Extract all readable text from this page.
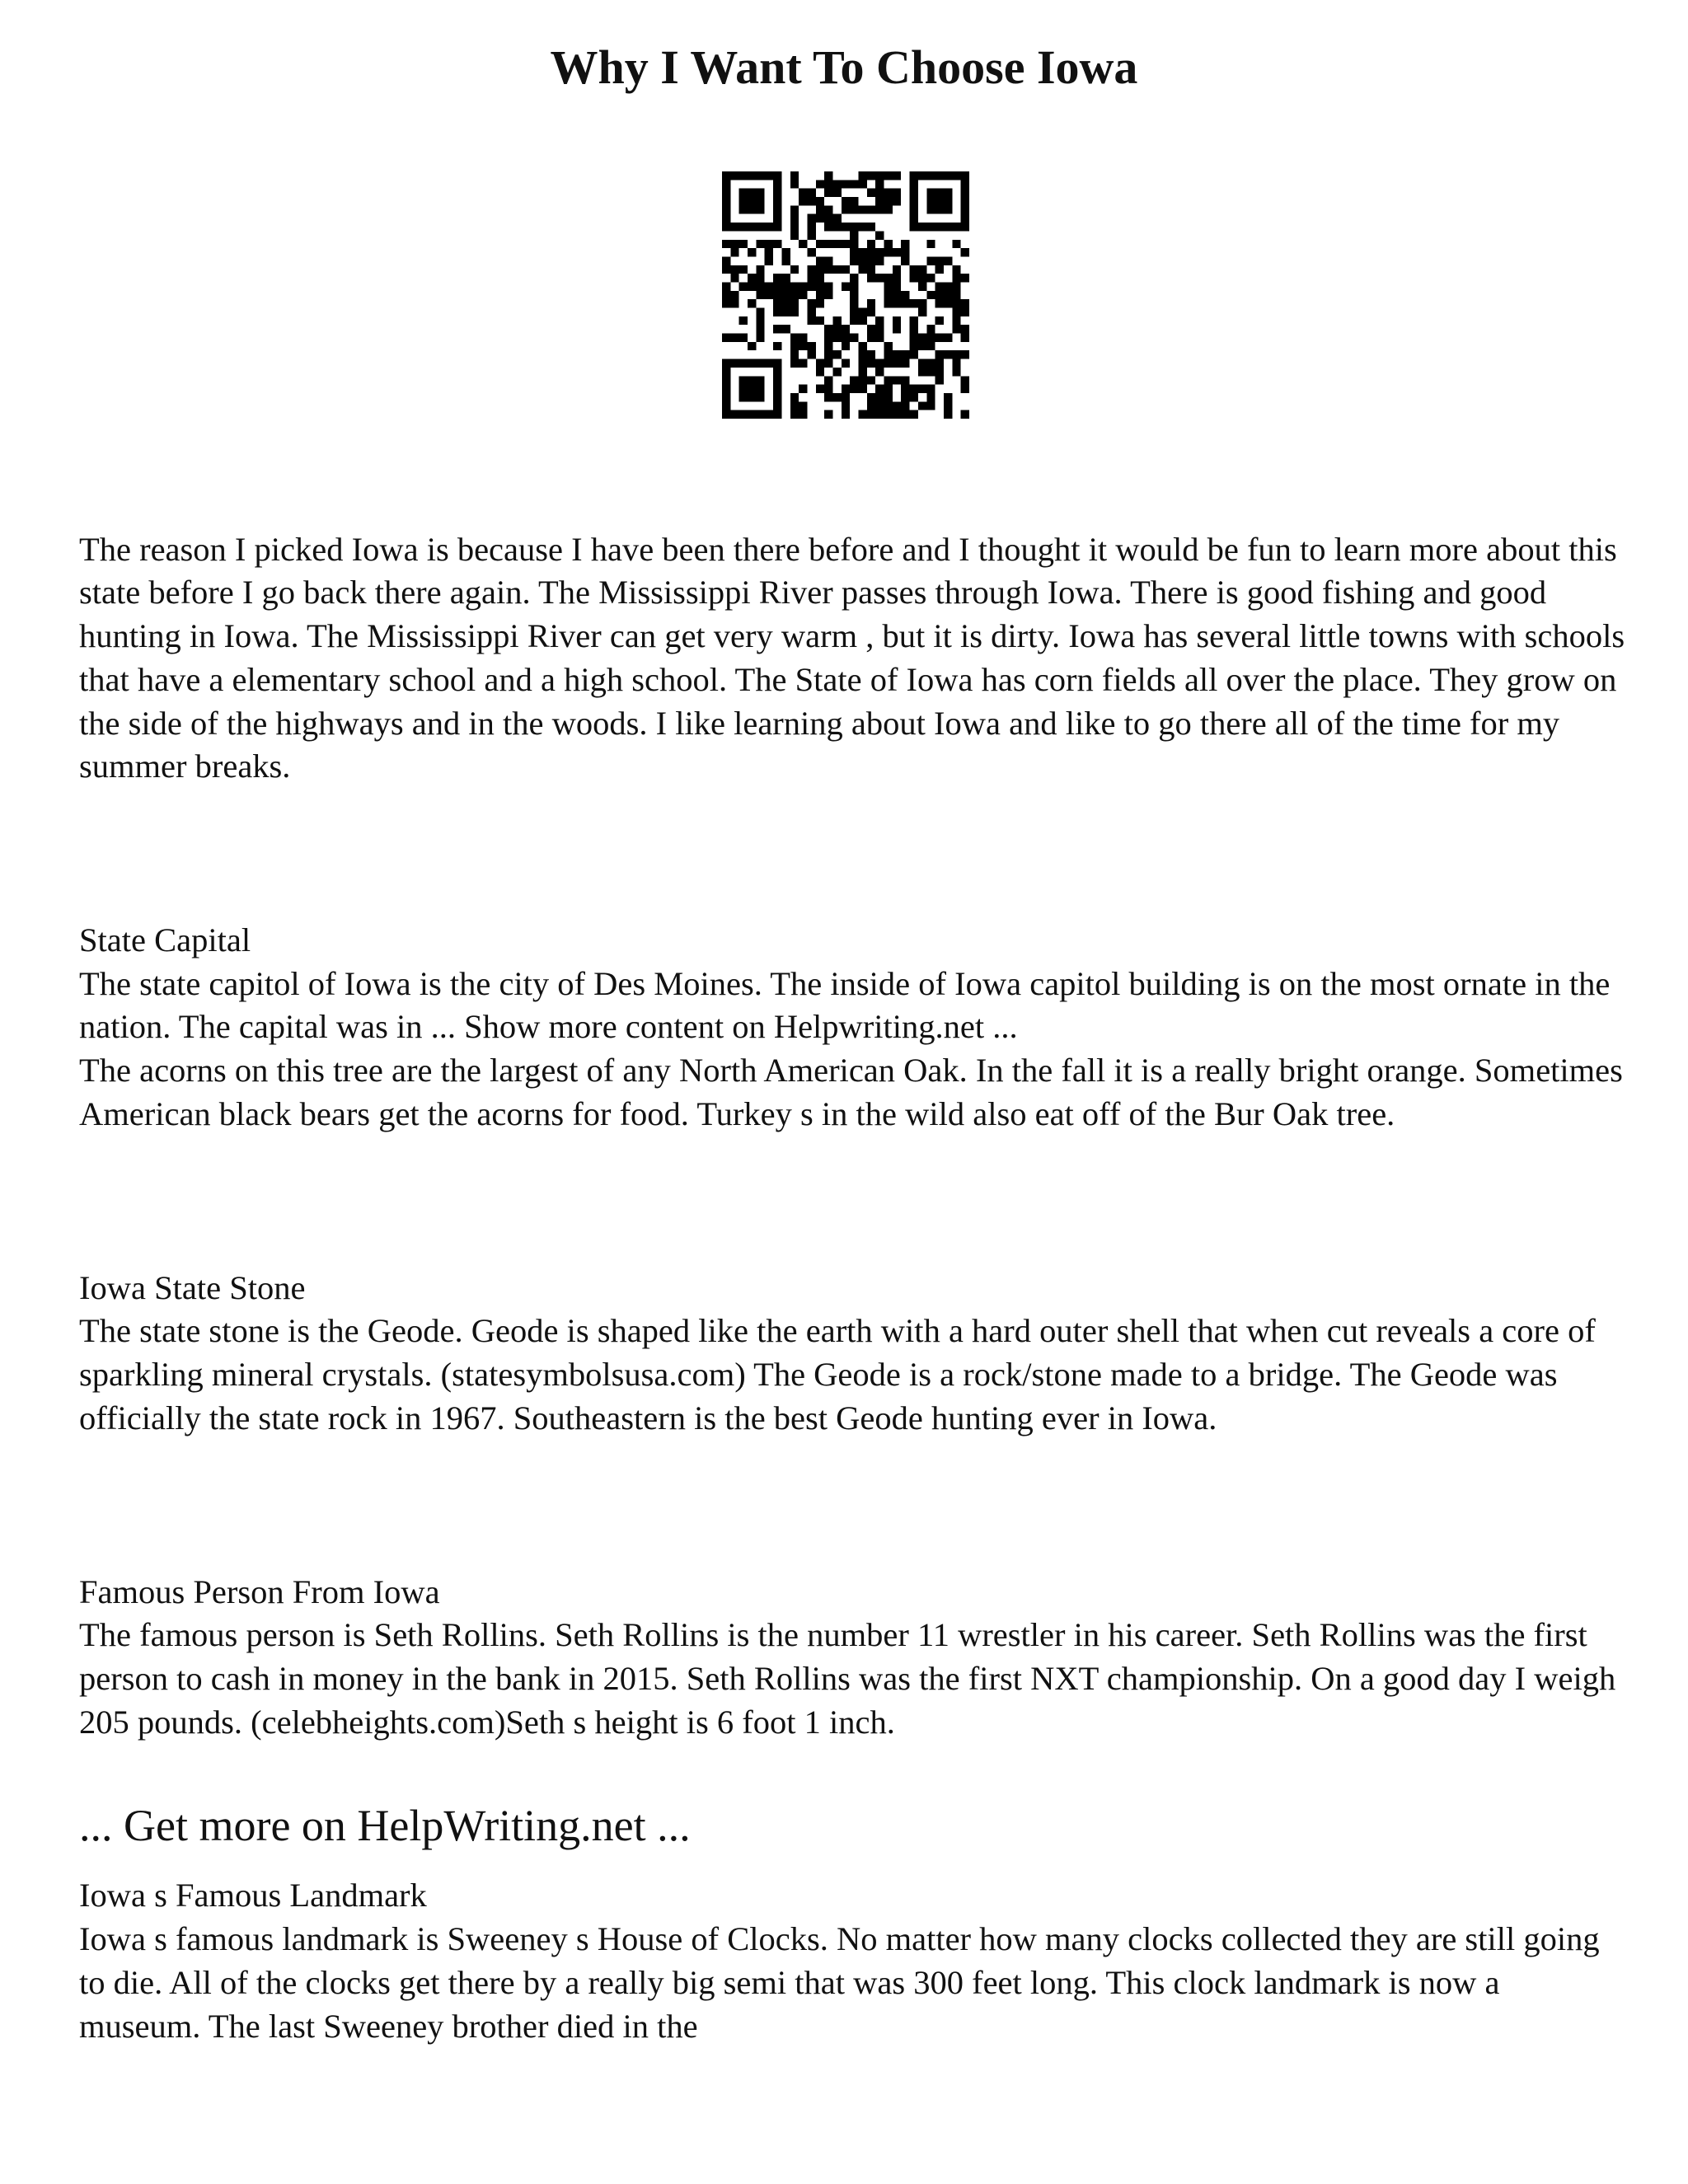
Why I Want To Choose Iowa

The reason I picked Iowa is because I have been there before and I thought it would be fun to learn more about this state before I go back there again. The Mississippi River passes through Iowa. There is good fishing and good hunting in Iowa. The Mississippi River can get very warm , but it is dirty. Iowa has several little towns with schools that have a elementary school and a high school. The State of Iowa has corn fields all over the place. They grow on the side of the highways and in the woods. I like learning about Iowa and like to go there all of the time for my summer breaks.

State Capital
The state capitol of Iowa is the city of Des Moines. The inside of Iowa capitol building is on the most ornate in the nation. The capital was in ... Show more content on Helpwriting.net ...
The acorns on this tree are the largest of any North American Oak. In the fall it is a really bright orange. Sometimes American black bears get the acorns for food. Turkey s in the wild also eat off of the Bur Oak tree.

Iowa State Stone
The state stone is the Geode. Geode is shaped like the earth with a hard outer shell that when cut reveals a core of sparkling mineral crystals. (statesymbolsusa.com) The Geode is a rock/stone made to a bridge. The Geode was officially the state rock in 1967. Southeastern is the best Geode hunting ever in Iowa.

Famous Person From Iowa
The famous person is Seth Rollins. Seth Rollins is the number 11 wrestler in his career. Seth Rollins was the first person to cash in money in the bank in 2015. Seth Rollins was the first NXT championship. On a good day I weigh 205 pounds. (celebheights.com)Seth s height is 6 foot 1 inch.

Iowa s Famous Landmark
Iowa s famous landmark is Sweeney s House of Clocks. No matter how many clocks collected they are still going to die. All of the clocks get there by a really big semi that was 300 feet long. This clock landmark is now a museum. The last Sweeney brother died in the

... Get more on HelpWriting.net ...
